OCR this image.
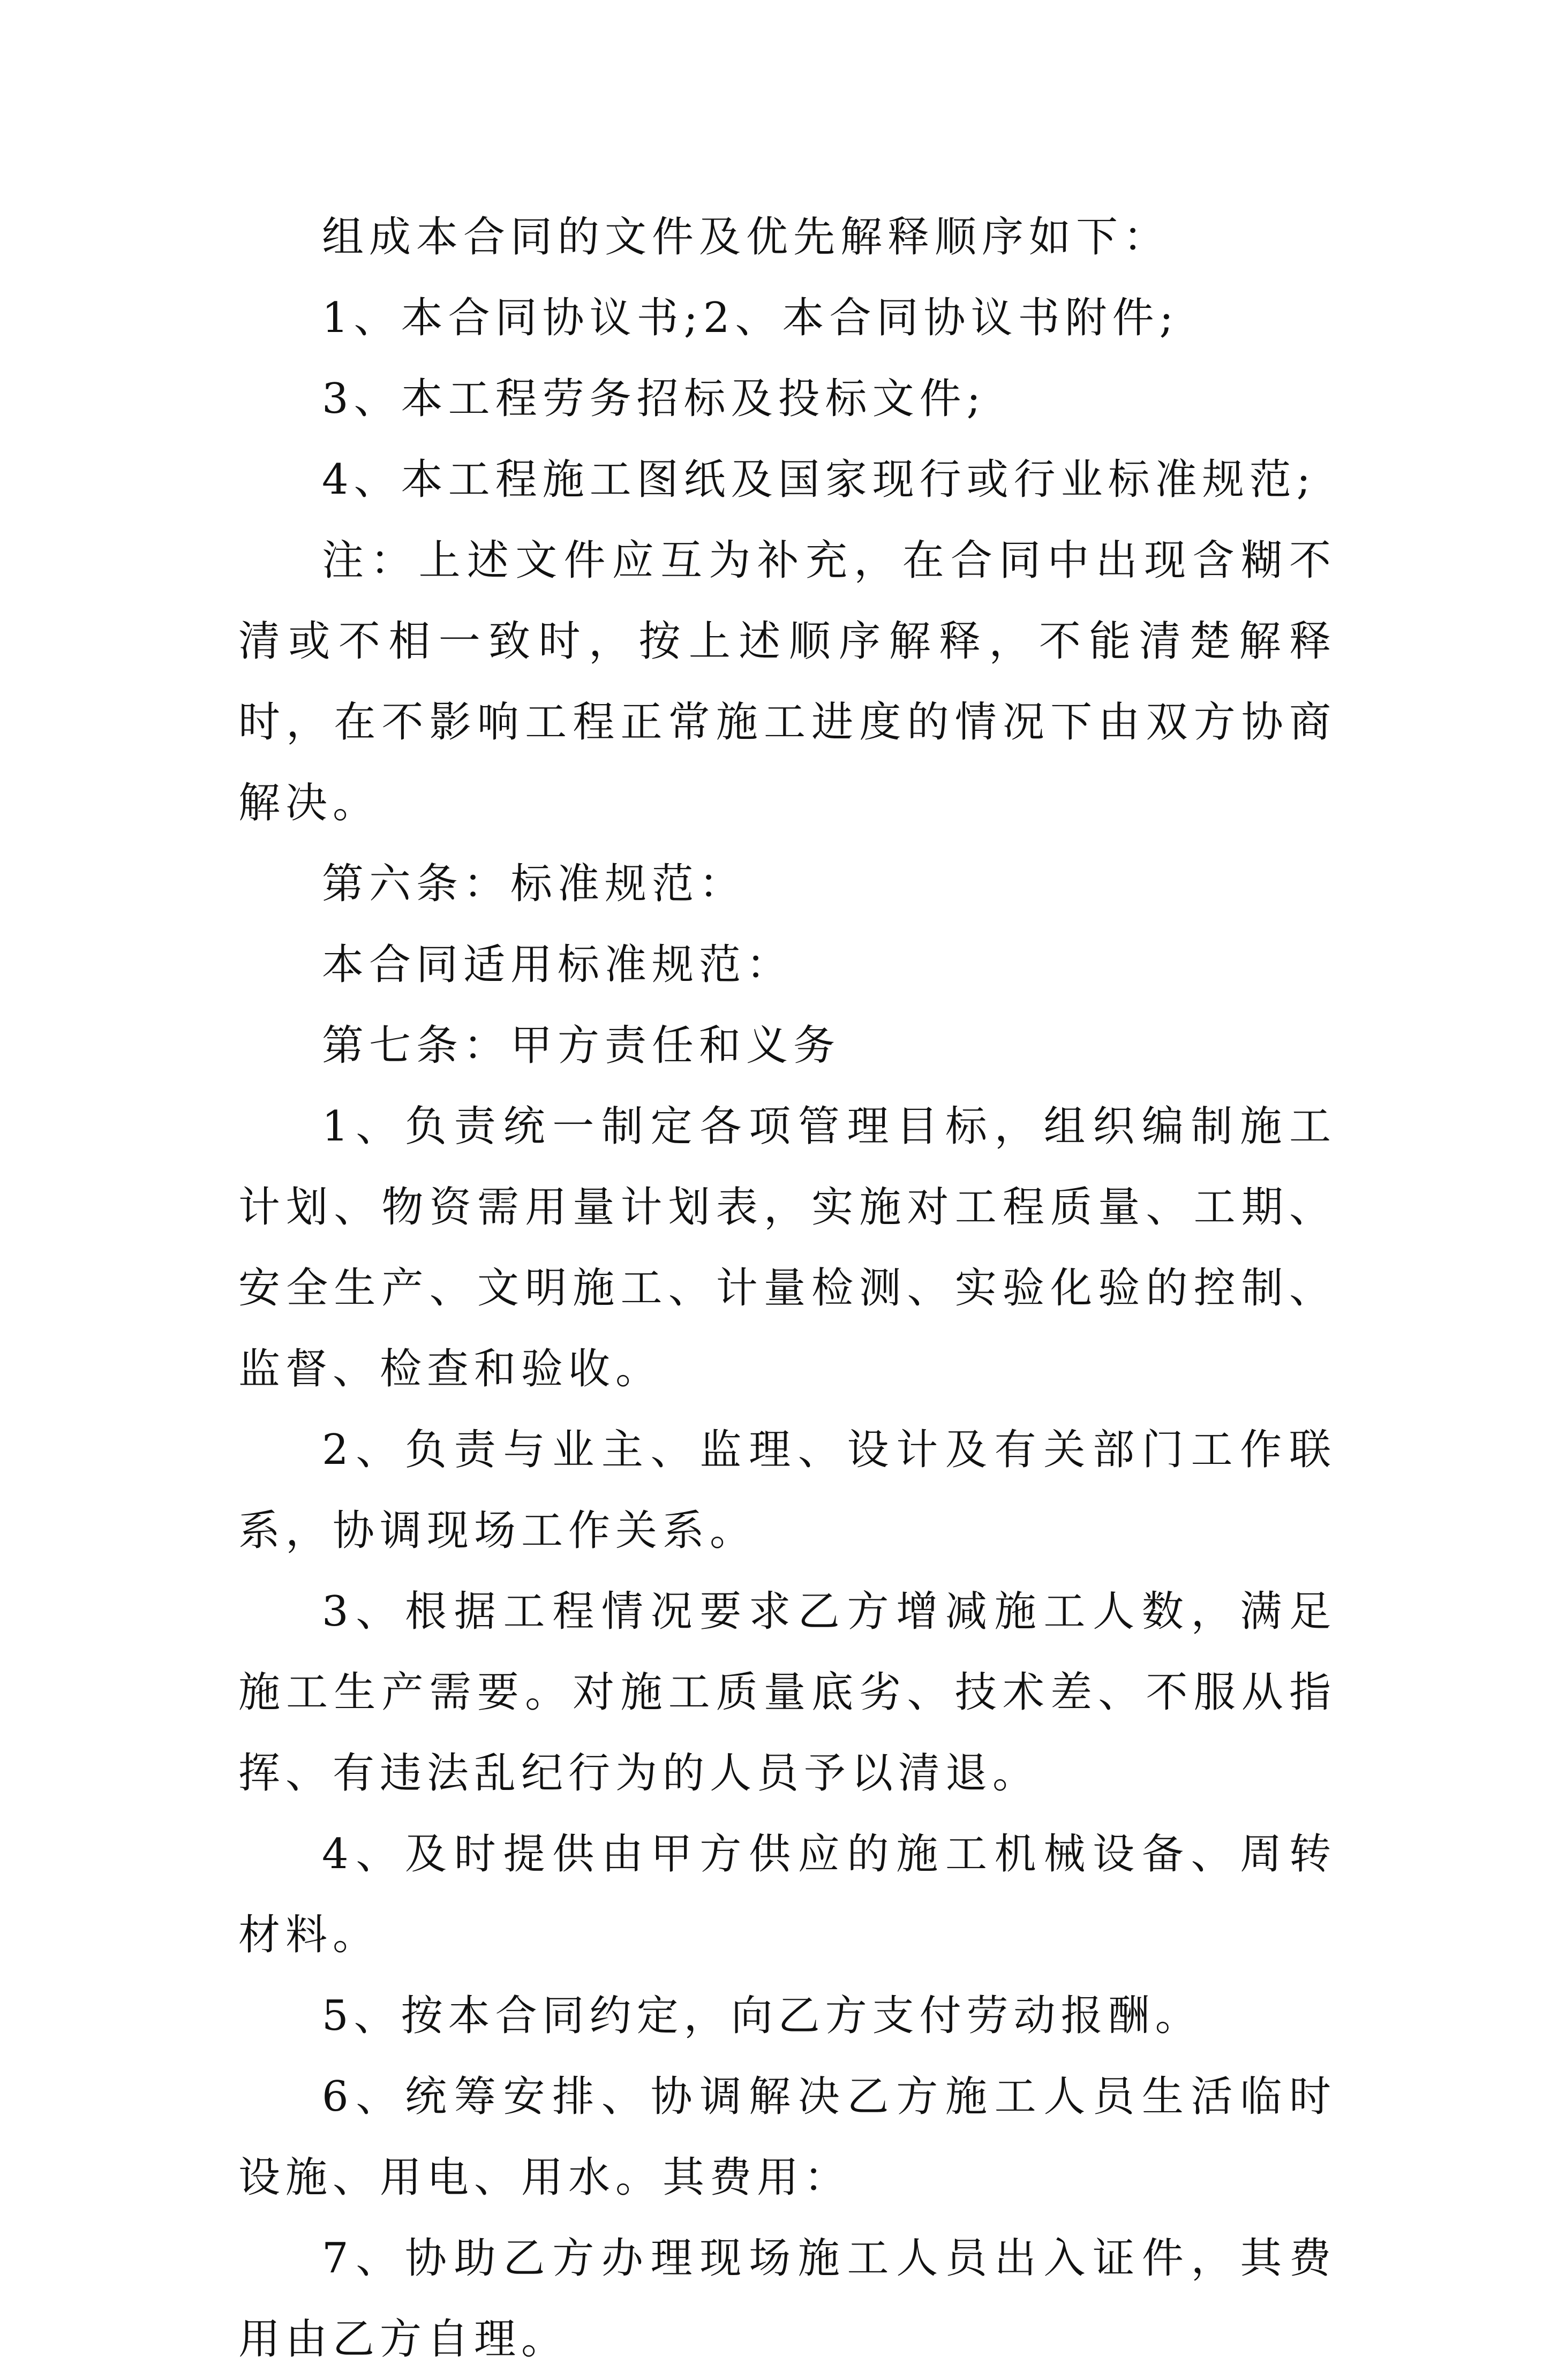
组成本合同的文件及优先解释顺序如下：

1、本合同协议书;2、本合同协议书附件;

3、本工程劳务招标及投标文件;

4、本工程施工图纸及国家现行或行业标准规范;

注：上述文件应互为补充，在合同中出现含糊不清或不相一致时，按上述顺序解释，不能清楚解释时，在不影响工程正常施工进度的情况下由双方协商解决。

第六条：标准规范：

本合同适用标准规范：

第七条：甲方责任和义务

1、负责统一制定各项管理目标，组织编制施工计划、物资需用量计划表，实施对工程质量、工期、安全生产、文明施工、计量检测、实验化验的控制、监督、检查和验收。

2、负责与业主、监理、设计及有关部门工作联系，协调现场工作关系。

3、根据工程情况要求乙方增减施工人数，满足施工生产需要。对施工质量底劣、技术差、不服从指挥、有违法乱纪行为的人员予以清退。

4、及时提供由甲方供应的施工机械设备、周转材料。

5、按本合同约定，向乙方支付劳动报酬。

6、统筹安排、协调解决乙方施工人员生活临时设施、用电、用水。其费用：

7、协助乙方办理现场施工人员出入证件，其费用由乙方自理。
